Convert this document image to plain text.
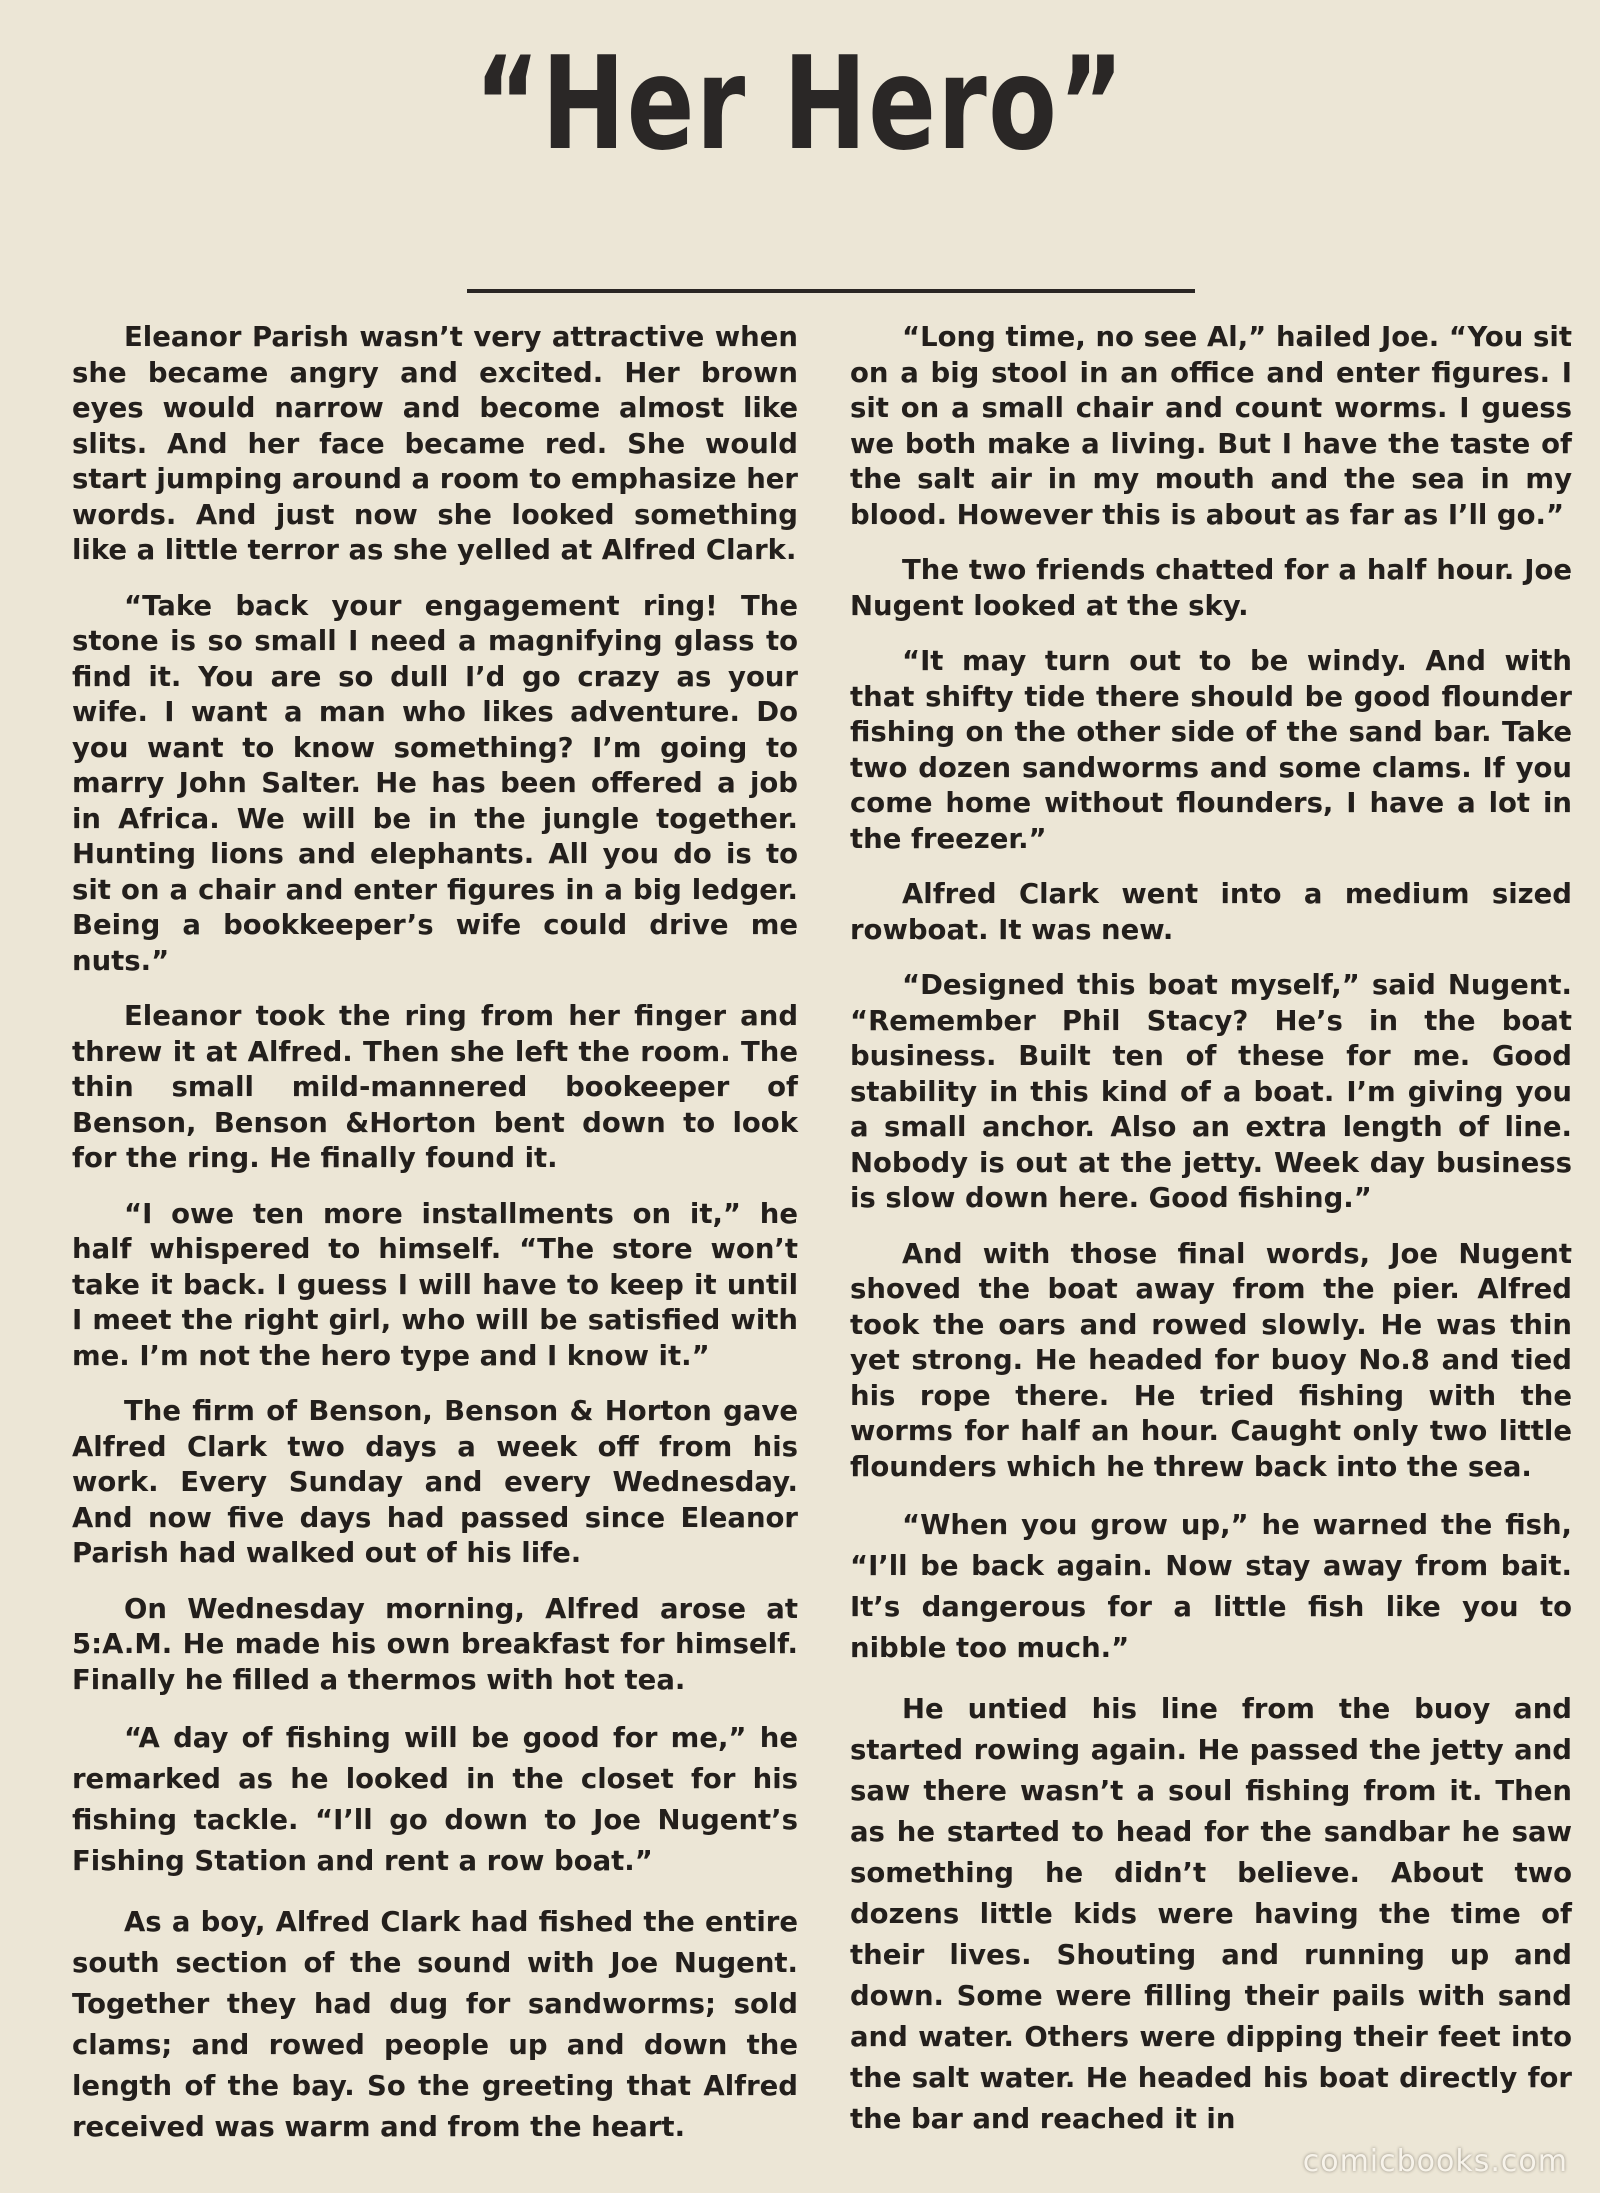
“Her Hero”

Eleanor Parish wasn’t very attractive when she became angry and excited. Her brown eyes would narrow and become almost like slits. And her face became red. She would start jumping around a room to emphasize her words. And just now she looked something like a little terror as she yelled at Alfred Clark.

“Take back your engagement ring! The stone is so small I need a magnifying glass to find it. You are so dull I’d go crazy as your wife. I want a man who likes adventure. Do you want to know something? I’m going to marry John Salter. He has been offered a job in Africa. We will be in the jungle together. Hunting lions and elephants. All you do is to sit on a chair and enter figures in a big ledger. Being a bookkeeper’s wife could drive me nuts.”

Eleanor took the ring from her finger and threw it at Alfred. Then she left the room. The thin small mild-mannered bookeeper of Benson, Benson &Horton bent down to look for the ring. He finally found it.

“I owe ten more installments on it,” he half whispered to himself. “The store won’t take it back. I guess I will have to keep it until I meet the right girl, who will be satisfied with me. I’m not the hero type and I know it.”

The firm of Benson, Benson & Horton gave Alfred Clark two days a week off from his work. Every Sunday and every Wednesday. And now five days had passed since Eleanor Parish had walked out of his life.

On Wednesday morning, Alfred arose at 5:A.M. He made his own breakfast for himself. Finally he filled a thermos with hot tea.

“A day of fishing will be good for me,” he remarked as he looked in the closet for his fishing tackle. “I’ll go down to Joe Nugent’s Fishing Station and rent a row boat.”

As a boy, Alfred Clark had fished the entire south section of the sound with Joe Nugent. Together they had dug for sandworms; sold clams; and rowed people up and down the length of the bay. So the greeting that Alfred received was warm and from the heart.

“Long time, no see Al,” hailed Joe. “You sit on a big stool in an office and enter figures. I sit on a small chair and count worms. I guess we both make a living. But I have the taste of the salt air in my mouth and the sea in my blood. However this is about as far as I’ll go.”

The two friends chatted for a half hour. Joe Nugent looked at the sky.

“It may turn out to be windy. And with that shifty tide there should be good flounder fishing on the other side of the sand bar. Take two dozen sandworms and some clams. If you come home without flounders, I have a lot in the freezer.”

Alfred Clark went into a medium sized rowboat. It was new.

“Designed this boat myself,” said Nugent. “Remember Phil Stacy? He’s in the boat business. Built ten of these for me. Good stability in this kind of a boat. I’m giving you a small anchor. Also an extra length of line. Nobody is out at the jetty. Week day business is slow down here. Good fishing.”

And with those final words, Joe Nugent shoved the boat away from the pier. Alfred took the oars and rowed slowly. He was thin yet strong. He headed for buoy No.8 and tied his rope there. He tried fishing with the worms for half an hour. Caught only two little flounders which he threw back into the sea.

“When you grow up,” he warned the fish, “I’ll be back again. Now stay away from bait. It’s dangerous for a little fish like you to nibble too much.”

He untied his line from the buoy and started rowing again. He passed the jetty and saw there wasn’t a soul fishing from it. Then as he started to head for the sandbar he saw something he didn’t believe. About two dozens little kids were having the time of their lives. Shouting and running up and down. Some were filling their pails with sand and water. Others were dipping their feet into the salt water. He headed his boat directly for the bar and reached it in

comicbooks.com
